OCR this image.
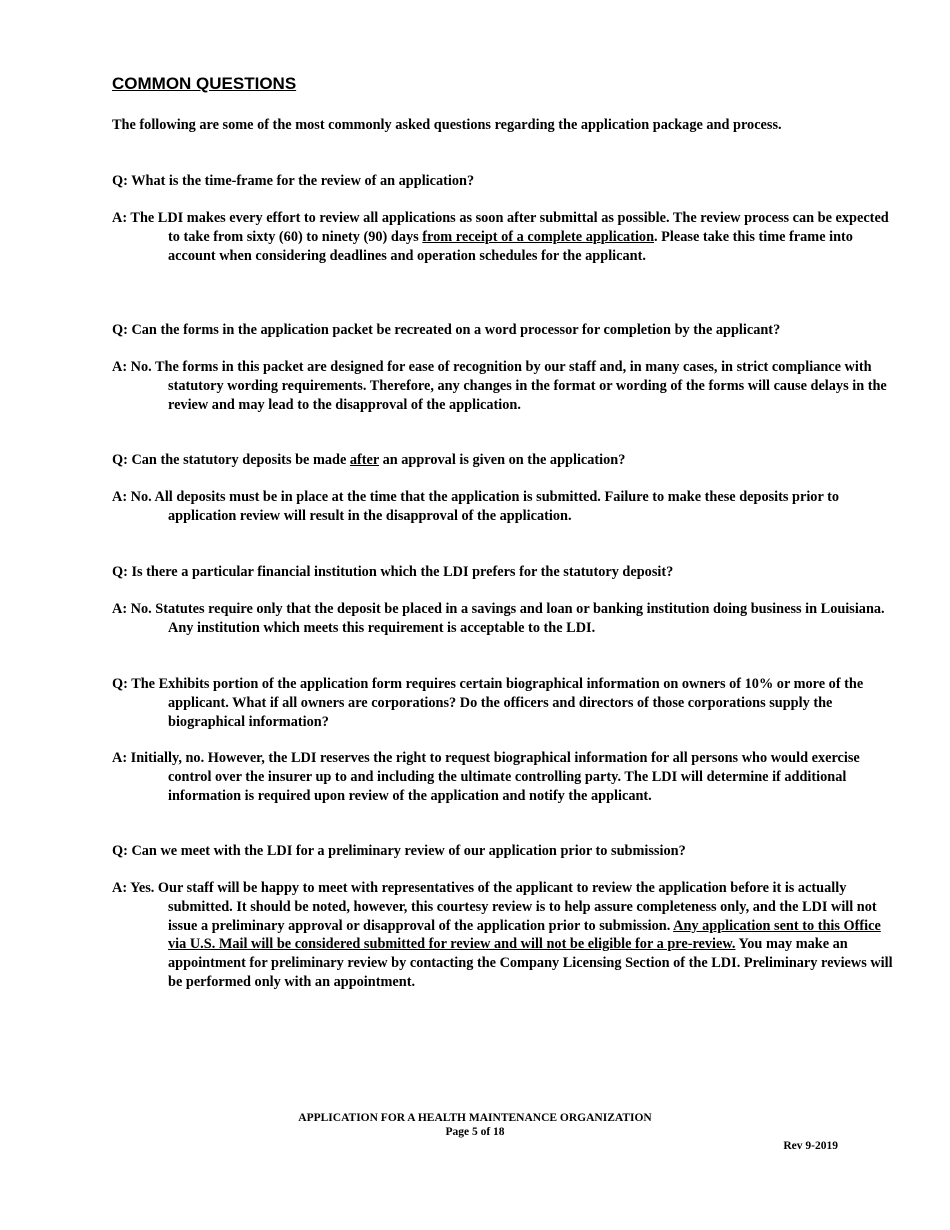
COMMON QUESTIONS

The following are some of the most commonly asked questions regarding the application package and process.

Q: What is the time-frame for the review of an application?

A: The LDI makes every effort to review all applications as soon after submittal as possible. The review process can be expected to take from sixty (60) to ninety (90) days from receipt of a complete application. Please take this time frame into account when considering deadlines and operation schedules for the applicant.

Q: Can the forms in the application packet be recreated on a word processor for completion by the applicant?

A: No. The forms in this packet are designed for ease of recognition by our staff and, in many cases, in strict compliance with statutory wording requirements. Therefore, any changes in the format or wording of the forms will cause delays in the review and may lead to the disapproval of the application.

Q: Can the statutory deposits be made after an approval is given on the application?

A: No. All deposits must be in place at the time that the application is submitted. Failure to make these deposits prior to application review will result in the disapproval of the application.

Q: Is there a particular financial institution which the LDI prefers for the statutory deposit?

A: No. Statutes require only that the deposit be placed in a savings and loan or banking institution doing business in Louisiana. Any institution which meets this requirement is acceptable to the LDI.

Q: The Exhibits portion of the application form requires certain biographical information on owners of 10% or more of the applicant. What if all owners are corporations? Do the officers and directors of those corporations supply the biographical information?

A: Initially, no. However, the LDI reserves the right to request biographical information for all persons who would exercise control over the insurer up to and including the ultimate controlling party. The LDI will determine if additional information is required upon review of the application and notify the applicant.

Q: Can we meet with the LDI for a preliminary review of our application prior to submission?

A: Yes. Our staff will be happy to meet with representatives of the applicant to review the application before it is actually submitted. It should be noted, however, this courtesy review is to help assure completeness only, and the LDI will not issue a preliminary approval or disapproval of the application prior to submission. Any application sent to this Office via U.S. Mail will be considered submitted for review and will not be eligible for a pre-review. You may make an appointment for preliminary review by contacting the Company Licensing Section of the LDI. Preliminary reviews will be performed only with an appointment.

APPLICATION FOR A HEALTH MAINTENANCE ORGANIZATION

Page 5 of 18

Rev 9-2019
